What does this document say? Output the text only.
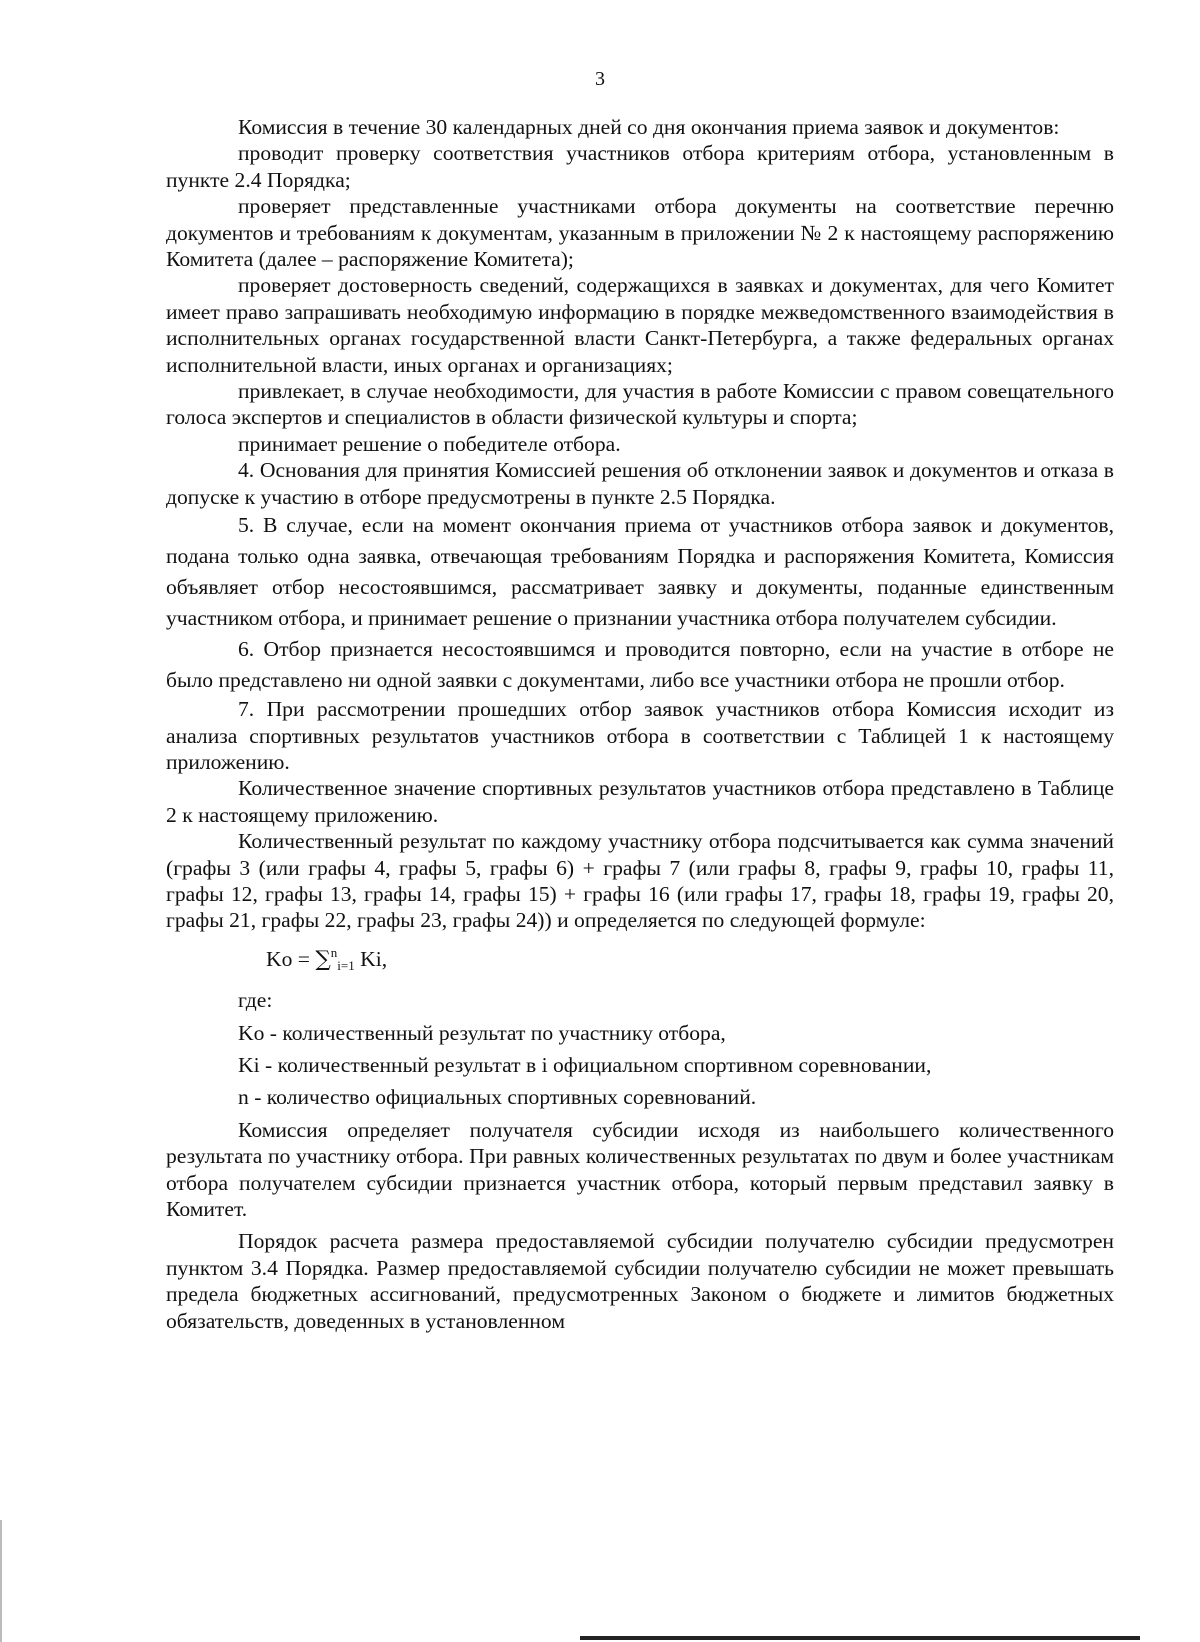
3

Комиссия в течение 30 календарных дней со дня окончания приема заявок и документов:

проводит проверку соответствия участников отбора критериям отбора, установленным в пункте 2.4 Порядка;

проверяет представленные участниками отбора документы на соответствие перечню документов и требованиям к документам, указанным в приложении № 2 к настоящему распоряжению Комитета (далее – распоряжение Комитета);

проверяет достоверность сведений, содержащихся в заявках и документах, для чего Комитет имеет право запрашивать необходимую информацию в порядке межведомственного взаимодействия в исполнительных органах государственной власти Санкт-Петербурга, а также федеральных органах исполнительной власти, иных органах и организациях;

привлекает, в случае необходимости, для участия в работе Комиссии с правом совещательного голоса экспертов и специалистов в области физической культуры и спорта;

принимает решение о победителе отбора.

4. Основания для принятия Комиссией решения об отклонении заявок и документов и отказа в допуске к участию в отборе предусмотрены в пункте 2.5 Порядка.

5. В случае, если на момент окончания приема от участников отбора заявок и документов, подана только одна заявка, отвечающая требованиям Порядка и распоряжения Комитета, Комиссия объявляет отбор несостоявшимся, рассматривает заявку и документы, поданные единственным участником отбора, и принимает решение о признании участника отбора получателем субсидии.

6. Отбор признается несостоявшимся и проводится повторно, если на участие в отборе не было представлено ни одной заявки с документами, либо все участники отбора не прошли отбор.

7. При рассмотрении прошедших отбор заявок участников отбора Комиссия исходит из анализа спортивных результатов участников отбора в соответствии с Таблицей 1 к настоящему приложению.

Количественное значение спортивных результатов участников отбора представлено в Таблице 2 к настоящему приложению.

Количественный результат по каждому участнику отбора подсчитывается как сумма значений (графы 3 (или графы 4, графы 5, графы 6) + графы 7 (или графы 8, графы 9, графы 10, графы 11, графы 12, графы 13, графы 14, графы 15) + графы 16 (или графы 17, графы 18, графы 19, графы 20, графы 21, графы 22, графы 23, графы 24)) и определяется по следующей формуле:

Ko = ∑$^n_{i=1}$ Ki,

где:

Ko - количественный результат по участнику отбора,

Ki - количественный результат в i официальном спортивном соревновании,

n - количество официальных спортивных соревнований.

Комиссия определяет получателя субсидии исходя из наибольшего количественного результата по участнику отбора. При равных количественных результатах по двум и более участникам отбора получателем субсидии признается участник отбора, который первым представил заявку в Комитет.

Порядок расчета размера предоставляемой субсидии получателю субсидии предусмотрен пунктом 3.4 Порядка. Размер предоставляемой субсидии получателю субсидии не может превышать предела бюджетных ассигнований, предусмотренных Законом о бюджете и лимитов бюджетных обязательств, доведенных в установленном
